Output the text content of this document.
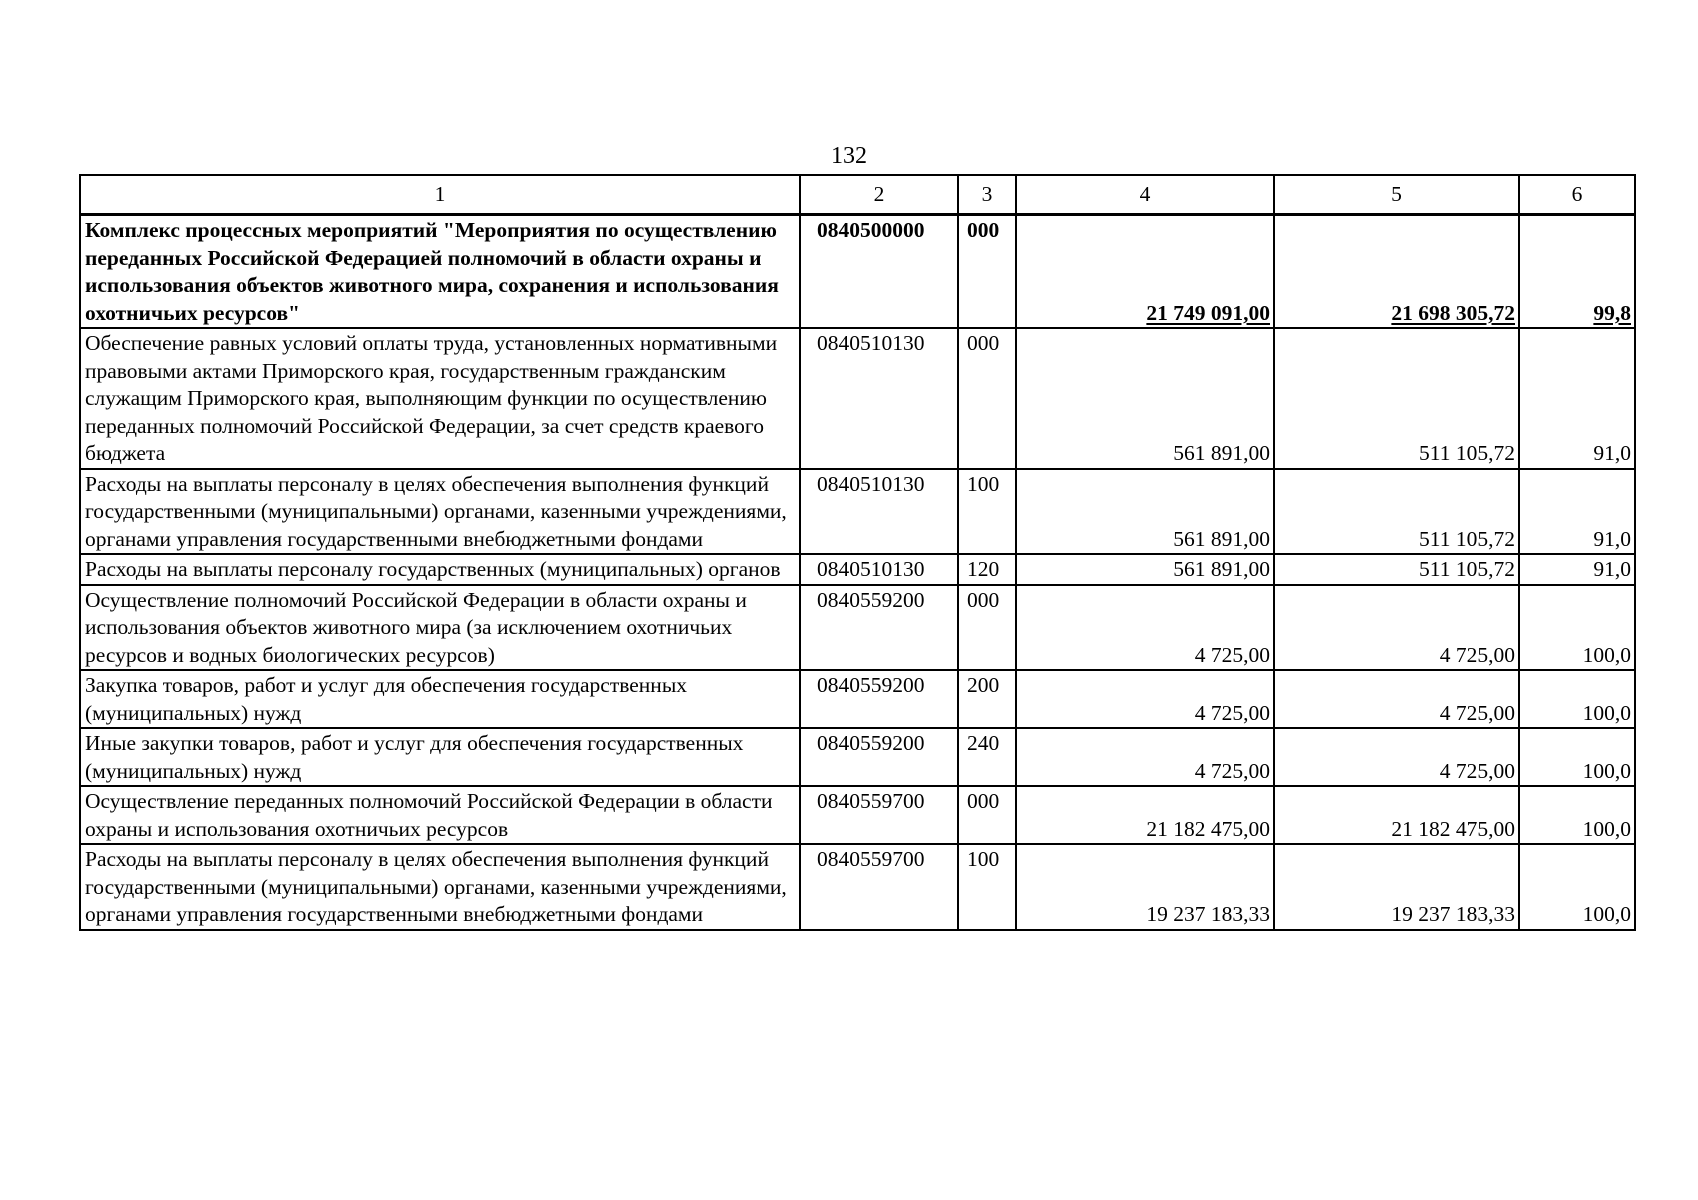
132
1	2	3	4	5	6
Комплекс процессных мероприятий "Мероприятия по осуществлению переданных Российской Федерацией полномочий в области охраны и использования объектов животного мира, сохранения и использования охотничьих ресурсов"	0840500000	000	21 749 091,00	21 698 305,72	99,8
Обеспечение равных условий оплаты труда, установленных нормативными правовыми актами Приморского края, государственным гражданским служащим Приморского края, выполняющим функции по осуществлению переданных полномочий Российской Федерации, за счет средств краевого бюджета	0840510130	000	561 891,00	511 105,72	91,0
Расходы на выплаты персоналу в целях обеспечения выполнения функций государственными (муниципальными) органами, казенными учреждениями, органами управления государственными внебюджетными фондами	0840510130	100	561 891,00	511 105,72	91,0
Расходы на выплаты персоналу государственных (муниципальных) органов	0840510130	120	561 891,00	511 105,72	91,0
Осуществление полномочий Российской Федерации в области охраны и использования объектов животного мира (за исключением охотничьих ресурсов и водных биологических ресурсов)	0840559200	000	4 725,00	4 725,00	100,0
Закупка товаров, работ и услуг для обеспечения государственных (муниципальных) нужд	0840559200	200	4 725,00	4 725,00	100,0
Иные закупки товаров, работ и услуг для обеспечения государственных (муниципальных) нужд	0840559200	240	4 725,00	4 725,00	100,0
Осуществление переданных полномочий Российской Федерации в области охраны и использования охотничьих ресурсов	0840559700	000	21 182 475,00	21 182 475,00	100,0
Расходы на выплаты персоналу в целях обеспечения выполнения функций государственными (муниципальными) органами, казенными учреждениями, органами управления государственными внебюджетными фондами	0840559700	100	19 237 183,33	19 237 183,33	100,0
